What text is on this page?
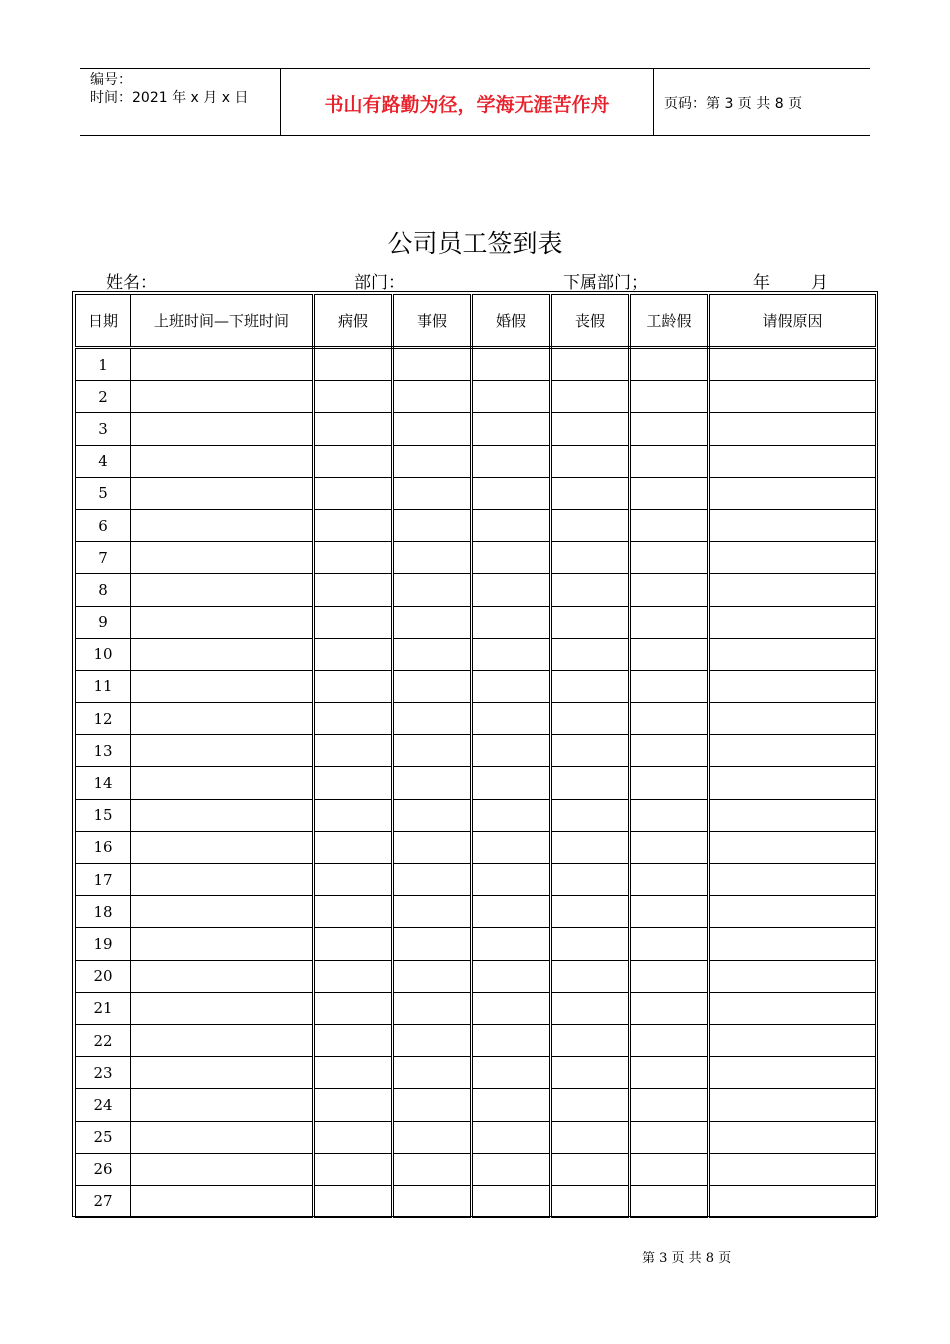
编号：
时间：2021 年 x 月 x 日	书山有路勤为径，学海无涯苦作舟	页码：第 3 页 共 8 页
公司员工签到表
姓名：	部门：	下属部门；	年 月
日期	上班时间—下班时间	病假	事假	婚假	丧假	工龄假	请假原因
1							
2							
3							
4							
5							
6							
7							
8							
9							
10							
11							
12							
13							
14							
15							
16							
17							
18							
19							
20							
21							
22							
23							
24							
25							
26							
27							
第 3 页 共 8 页
